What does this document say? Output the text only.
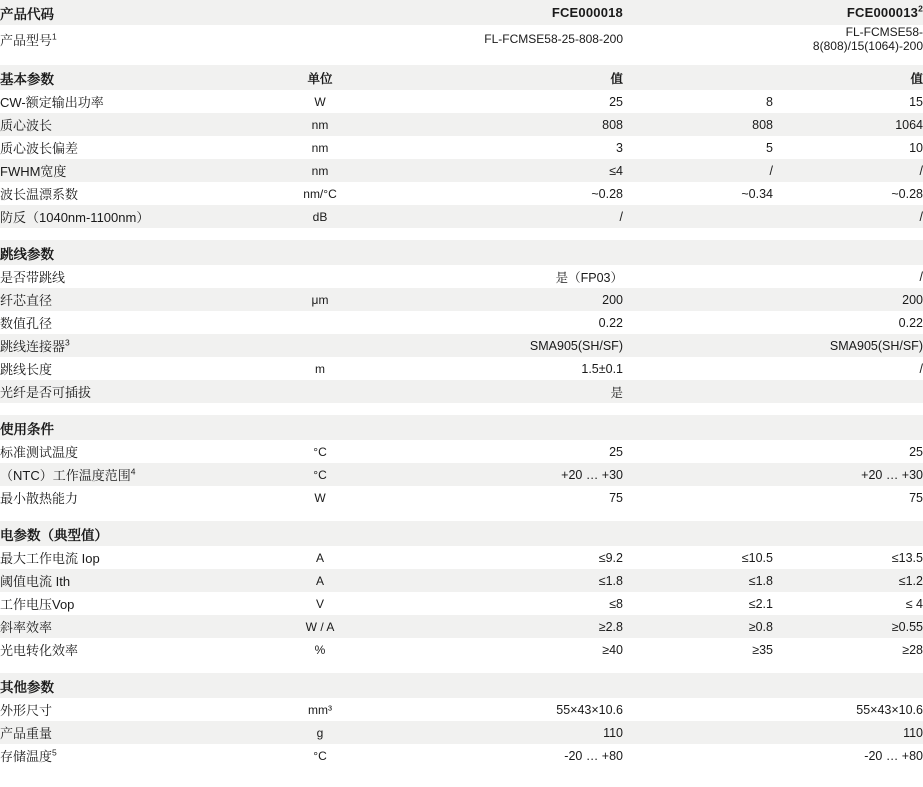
产品代码		FCE000018		FCE000013$^2$
产品型号$^1$		FL-FCMSE58-25-808-200		FL-FCMSE58-8(808)/15(1064)-200

基本参数	单位	值		值
CW-额定输出功率	W	25	8	15
质心波长	nm	808	808	1064
质心波长偏差	nm	3	5	10
FWHM宽度	nm	≤4	/	/
波长温漂系数	nm/°C	~0.28	~0.34	~0.28
防反（1040nm-1100nm）	dB	/		/

跳线参数				
是否带跳线		是（FP03）		/
纤芯直径	μm	200		200
数值孔径		0.22		0.22
跳线连接器$^3$		SMA905(SH/SF)		SMA905(SH/SF)
跳线长度	m	1.5±0.1		/
光纤是否可插拔		是		

使用条件				
标准测试温度	°C	25		25
（NTC）工作温度范围$^4$	°C	+20 … +30		+20 … +30
最小散热能力	W	75		75

电参数（典型值）				
最大工作电流 Iop	A	≤9.2	≤10.5	≤13.5
阈值电流 Ith	A	≤1.8	≤1.8	≤1.2
工作电压Vop	V	≤8	≤2.1	≤ 4
斜率效率	W / A	≥2.8	≥0.8	≥0.55
光电转化效率	%	≥40	≥35	≥28

其他参数				
外形尺寸	mm³	55×43×10.6		55×43×10.6
产品重量	g	110		110
存储温度$^5$	°C	-20 … +80		-20 … +80
